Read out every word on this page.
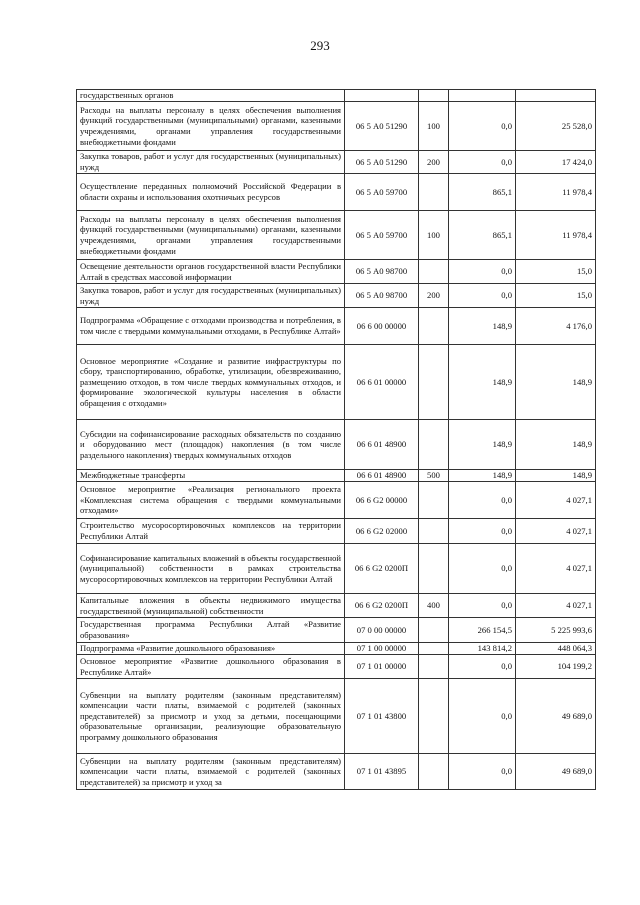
293
государственных органов				
Расходы на выплаты персоналу в целях обеспечения выполнения функций государственными (муниципальными) органами, казенными учреждениями, органами управления государственными внебюджетными фондами	06 5 А0 51290	100	0,0	25 528,0
Закупка товаров, работ и услуг для государственных (муниципальных) нужд	06 5 А0 51290	200	0,0	17 424,0
Осуществление переданных полномочий Российской Федерации в области охраны и использования охотничьих ресурсов	06 5 А0 59700		865,1	11 978,4
Расходы на выплаты персоналу в целях обеспечения выполнения функций государственными (муниципальными) органами, казенными учреждениями, органами управления государственными внебюджетными фондами	06 5 А0 59700	100	865,1	11 978,4
Освещение деятельности органов государственной власти Республики Алтай в средствах массовой информации	06 5 А0 98700		0,0	15,0
Закупка товаров, работ и услуг для государственных (муниципальных) нужд	06 5 А0 98700	200	0,0	15,0
Подпрограмма «Обращение с отходами производства и потребления, в том числе с твердыми коммунальными отходами, в Республике Алтай»	06 6 00 00000		148,9	4 176,0
Основное мероприятие «Создание и развитие инфраструктуры по сбору, транспортированию, обработке, утилизации, обезвреживанию, размещению отходов, в том числе твердых коммунальных отходов, и формирование экологической культуры населения в области обращения с отходами»	06 6 01 00000		148,9	148,9
Субсидии на софинансирование расходных обязательств по созданию и оборудованию мест (площадок) накопления (в том числе раздельного накопления) твердых коммунальных отходов	06 6 01 48900		148,9	148,9
Межбюджетные трансферты	06 6 01 48900	500	148,9	148,9
Основное мероприятие «Реализация регионального проекта «Комплексная система обращения с твердыми коммунальными отходами»	06 6 G2 00000		0,0	4 027,1
Строительство мусоросортировочных комплексов на территории Республики Алтай	06 6 G2 02000		0,0	4 027,1
Софинансирование капитальных вложений в объекты государственной (муниципальной) собственности в рамках строительства мусоросортировочных комплексов на территории Республики Алтай	06 6 G2 0200П		0,0	4 027,1
Капитальные вложения в объекты недвижимого имущества государственной (муниципальной) собственности	06 6 G2 0200П	400	0,0	4 027,1
Государственная программа Республики Алтай «Развитие образования»	07 0 00 00000		266 154,5	5 225 993,6
Подпрограмма «Развитие дошкольного образования»	07 1 00 00000		143 814,2	448 064,3
Основное мероприятие «Развитие дошкольного образования в Республике Алтай»	07 1 01 00000		0,0	104 199,2
Субвенции на выплату родителям (законным представителям) компенсации части платы, взимаемой с родителей (законных представителей) за присмотр и уход за детьми, посещающими образовательные организации, реализующие образовательную программу дошкольного образования	07 1 01 43800		0,0	49 689,0
Субвенции на выплату родителям (законным представителям) компенсации части платы, взимаемой с родителей (законных представителей) за присмотр и уход за	07 1 01 43895		0,0	49 689,0
